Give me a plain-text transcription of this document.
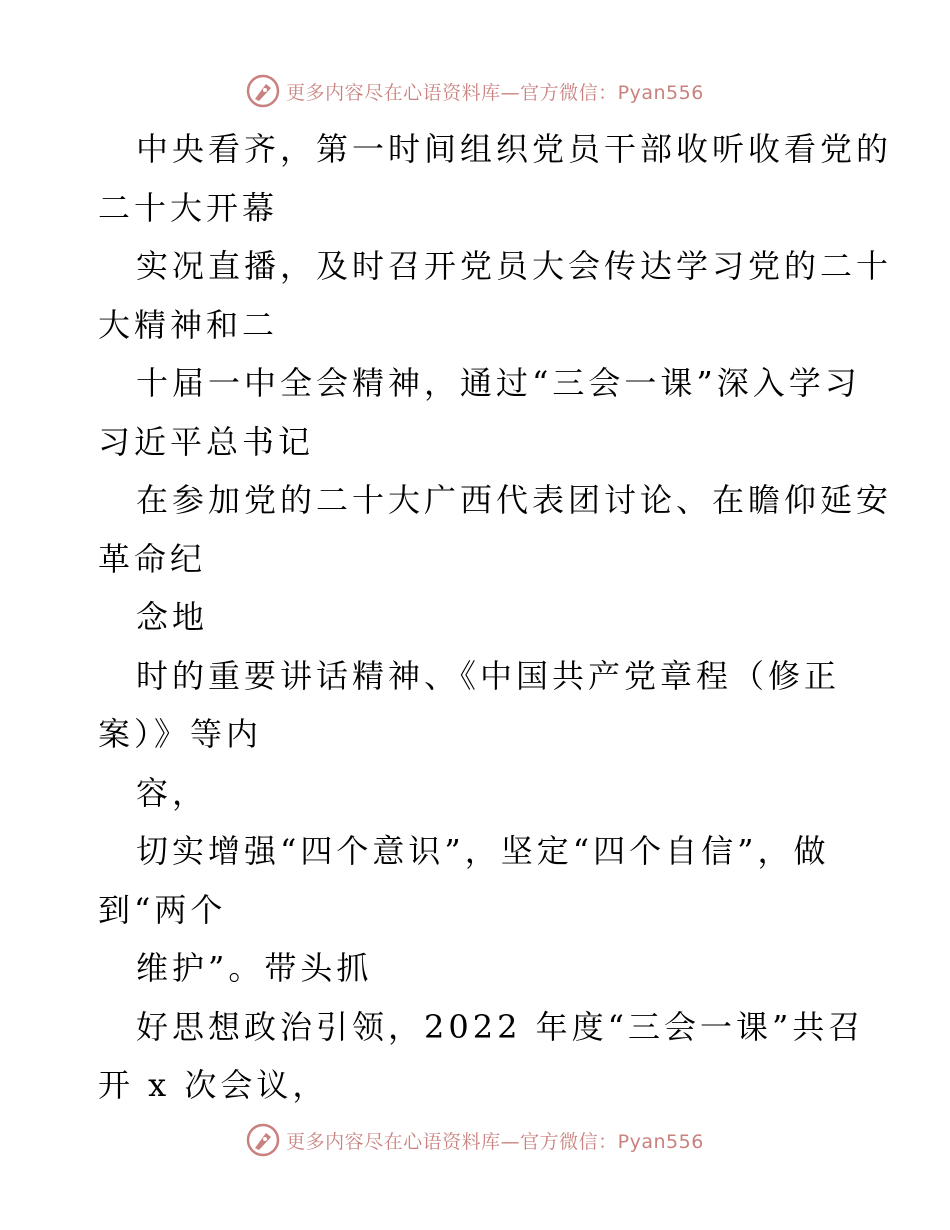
更多内容尽在心语资料库—官方微信：Pyan556
中央看齐，第一时间组织党员干部收听收看党的
二十大开幕
实况直播，及时召开党员大会传达学习党的二十
大精神和二
十届一中全会精神，通过“三会一课”深入学习
习近平总书记
在参加党的二十大广西代表团讨论、在瞻仰延安
革命纪
念地
时的重要讲话精神、《中国共产党章程（修正
案）》等内
容，
切实增强“四个意识”，坚定“四个自信”，做
到“两个
维护”。带头抓
好思想政治引领，2022 年度“三会一课”共召
开 x 次会议，
更多内容尽在心语资料库—官方微信：Pyan556
